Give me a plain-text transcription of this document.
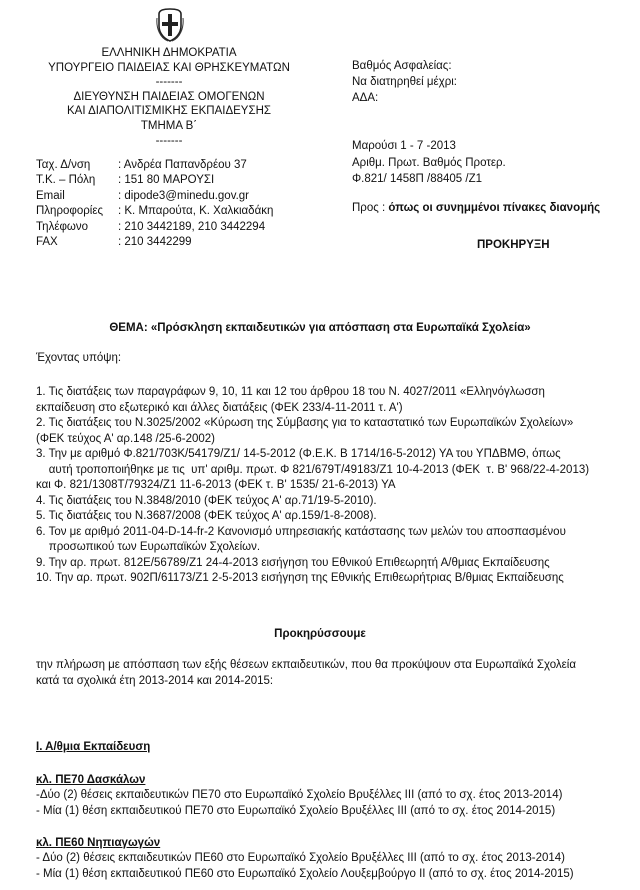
ΕΛΛΗΝΙΚΗ ΔΗΜΟΚΡΑΤΙΑ
ΥΠΟΥΡΓΕΙΟ ΠΑΙΔΕΙΑΣ ΚΑΙ ΘΡΗΣΚΕΥΜΑΤΩΝ
-------
ΔΙΕΥΘΥΝΣΗ ΠΑΙΔΕΙΑΣ ΟΜΟΓΕΝΩΝ
ΚΑΙ ΔΙΑΠΟΛΙΤΙΣΜΙΚΗΣ ΕΚΠΑΙΔΕΥΣΗΣ
ΤΜΗΜΑ Β΄
-------
Βαθμός Ασφαλείας:
Να διατηρηθεί μέχρι:
ΑΔΑ:
Μαρούσι 1 - 7 -2013
Αριθμ. Πρωτ. Βαθμός Προτερ.
Φ.821/ 1458Π /88405 /Ζ1
Ταχ. Δ/νση : Ανδρέα Παπανδρέου 37
Τ.Κ. – Πόλη : 151 80 ΜΑΡΟΥΣΙ
Email	: dipode3@minedu.gov.gr
Πληροφορίες : Κ. Μπαρούτα, Κ. Χαλκιαδάκη
Τηλέφωνο	: 210 3442189, 210 3442294
FAX	: 210 3442299
Προς : όπως οι συνημμένοι πίνακες διανομής
ΠΡΟΚΗΡΥΞΗ
ΘΕΜΑ: «Πρόσκληση εκπαιδευτικών για απόσπαση στα Ευρωπαϊκά Σχολεία»
Έχοντας υπόψη:
1. Τις διατάξεις των παραγράφων 9, 10, 11 και 12 του άρθρου 18 του Ν. 4027/2011 «Ελληνόγλωσση
εκπαίδευση στο εξωτερικό και άλλες διατάξεις (ΦΕΚ 233/4-11-2011 τ. Α')
2. Τις διατάξεις του Ν.3025/2002 «Κύρωση της Σύμβασης για το καταστατικό των Ευρωπαϊκών Σχολείων»
(ΦΕΚ τεύχος Α' αρ.148 /25-6-2002)
3. Την με αριθμό Φ.821/703Κ/54179/Ζ1/ 14-5-2012 (Φ.Ε.Κ. Β 1714/16-5-2012) ΥΑ του ΥΠΔΒΜΘ, όπως
αυτή τροποποιήθηκε με τις  υπ' αριθμ. πρωτ. Φ 821/679Τ/49183/Ζ1 10-4-2013 (ΦΕΚ  τ. Β' 968/22-4-2013)
και Φ. 821/1308Τ/79324/Ζ1 11-6-2013 (ΦΕΚ τ. Β' 1535/ 21-6-2013) ΥΑ
4. Τις διατάξεις του Ν.3848/2010 (ΦΕΚ τεύχος Α' αρ.71/19-5-2010).
5. Τις διατάξεις του Ν.3687/2008 (ΦΕΚ τεύχος Α' αρ.159/1-8-2008).
6. Τον με αριθμό 2011-04-D-14-fr-2 Κανονισμό υπηρεσιακής κατάστασης των μελών του αποσπασμένου
προσωπικού των Ευρωπαϊκών Σχολείων.
9. Την αρ. πρωτ. 812Ε/56789/Ζ1 24-4-2013 εισήγηση του Εθνικού Επιθεωρητή Α/θμιας Εκπαίδευσης
10. Την αρ. πρωτ. 902Π/61173/Ζ1 2-5-2013 εισήγηση της Εθνικής Επιθεωρήτριας Β/θμιας Εκπαίδευσης
Προκηρύσσουμε
την πλήρωση με απόσπαση των εξής θέσεων εκπαιδευτικών, που θα προκύψουν στα Ευρωπαϊκά Σχολεία
κατά τα σχολικά έτη 2013-2014 και 2014-2015:
Ι. Α/θμια Εκπαίδευση
κλ. ΠΕ70 Δασκάλων
-Δύο (2) θέσεις εκπαιδευτικών ΠΕ70 στο Ευρωπαϊκό Σχολείο Βρυξέλλες ΙΙΙ (από το σχ. έτος 2013-2014)
- Μία (1) θέση εκπαιδευτικού ΠΕ70 στο Ευρωπαϊκό Σχολείο Βρυξέλλες ΙΙΙ (από το σχ. έτος 2014-2015)
κλ. ΠΕ60 Νηπιαγωγών
- Δύο (2) θέσεις εκπαιδευτικών ΠΕ60 στο Ευρωπαϊκό Σχολείο Βρυξέλλες ΙΙΙ (από το σχ. έτος 2013-2014)
- Μία (1) θέση εκπαιδευτικού ΠΕ60 στο Ευρωπαϊκό Σχολείο Λουξεμβούργο ΙΙ (από το σχ. έτος 2014-2015)
